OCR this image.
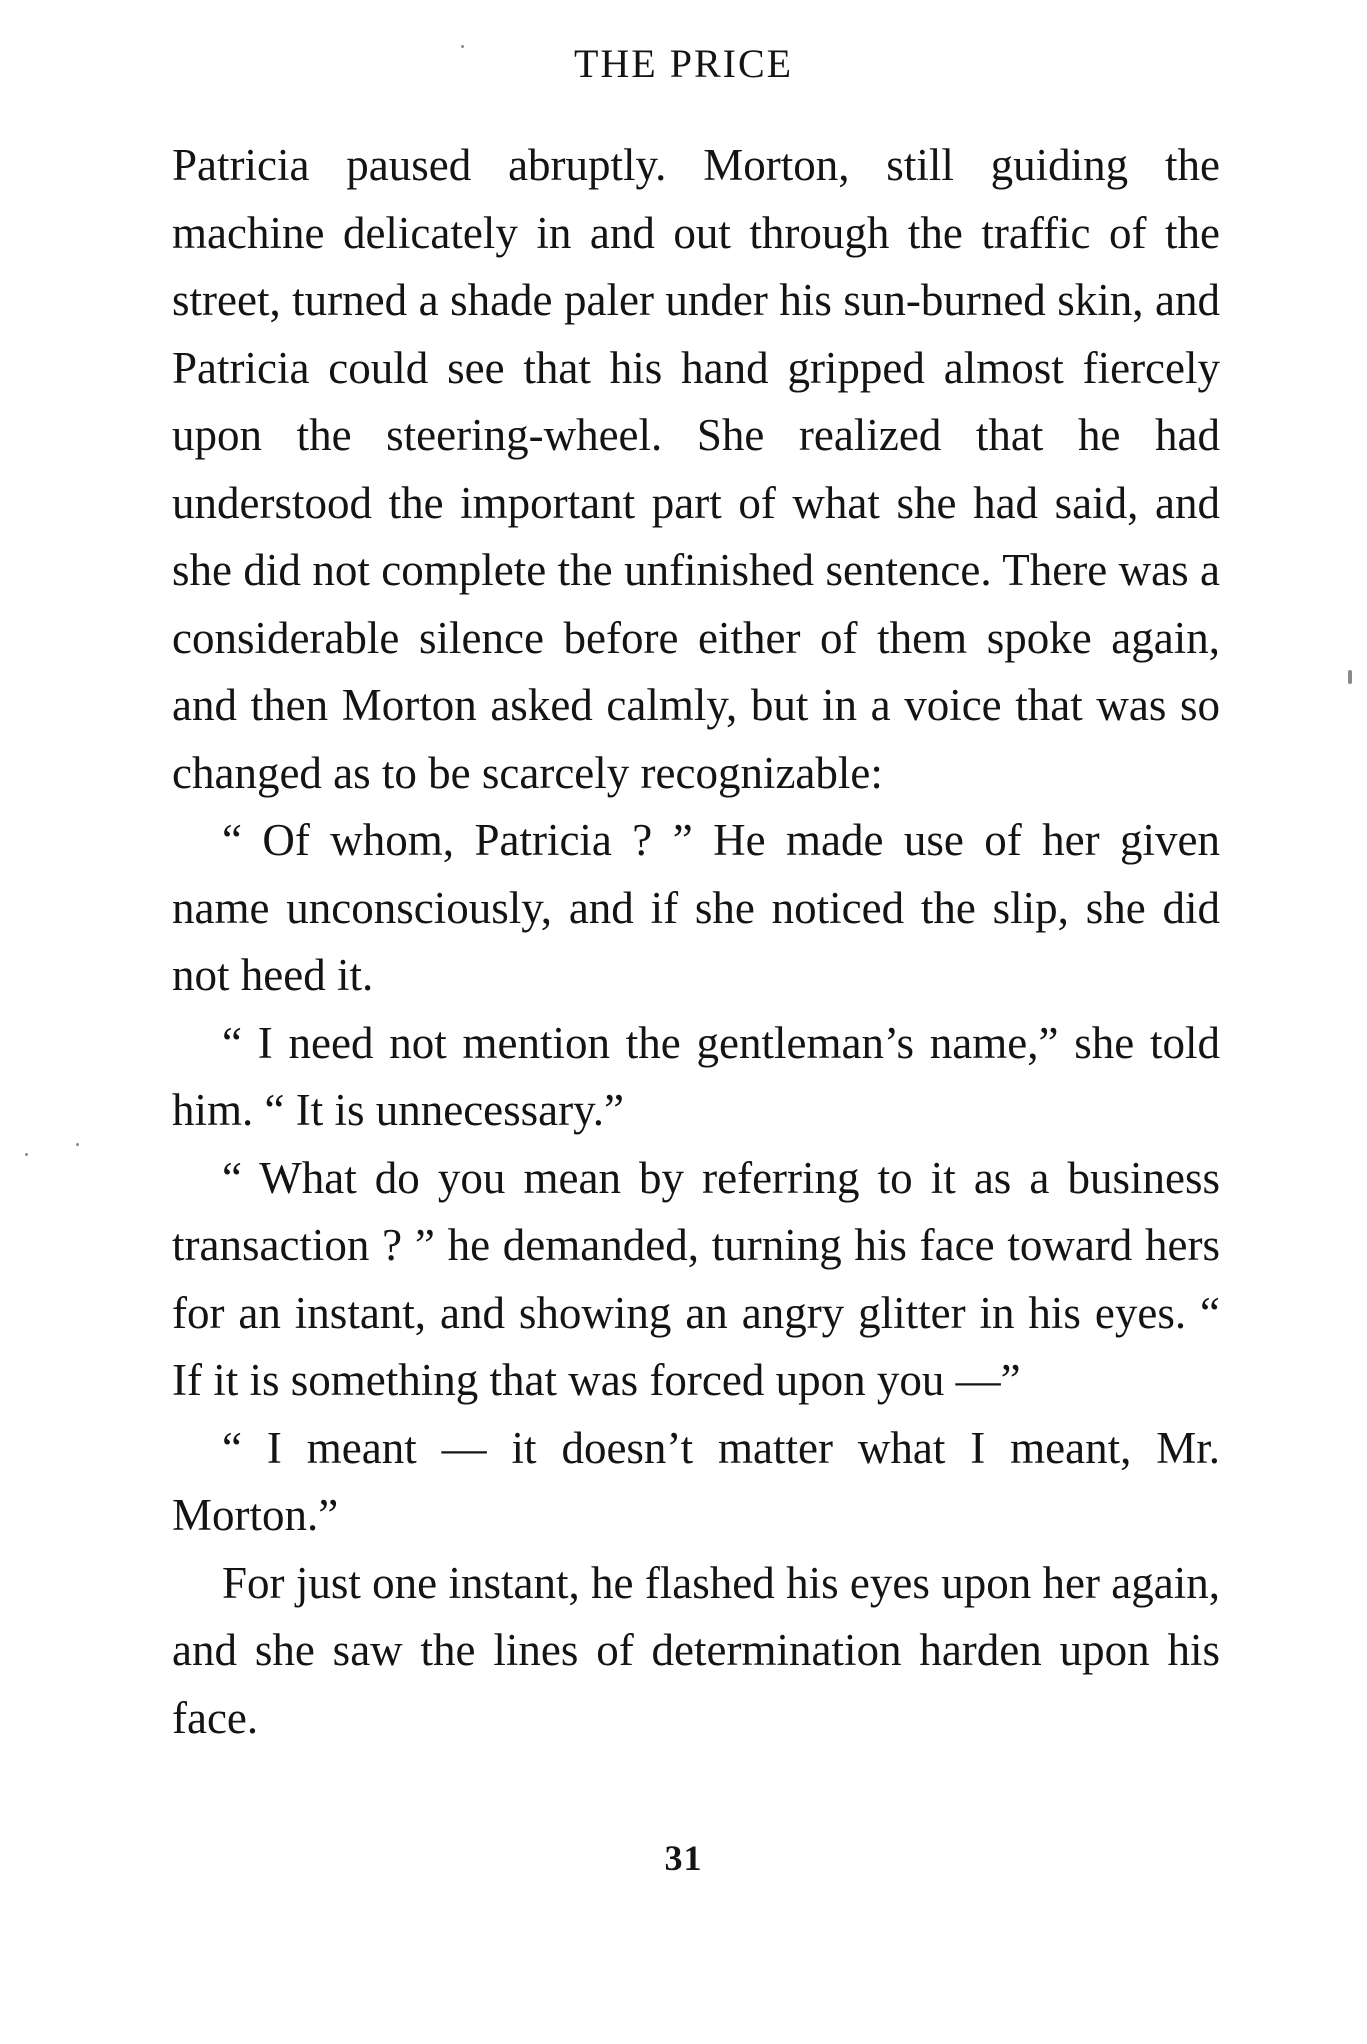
THE PRICE

Patricia paused abruptly. Morton, still guiding the machine delicately in and out through the traffic of the street, turned a shade paler under his sun-burned skin, and Patricia could see that his hand gripped almost fiercely upon the steering-wheel. She realized that he had understood the important part of what she had said, and she did not complete the unfinished sentence. There was a considerable silence before either of them spoke again, and then Morton asked calmly, but in a voice that was so changed as to be scarcely recognizable:

“ Of whom, Patricia ? ” He made use of her given name unconsciously, and if she noticed the slip, she did not heed it.

“ I need not mention the gentleman’s name,” she told him. “ It is unnecessary.”

“ What do you mean by referring to it as a business transaction ? ” he demanded, turning his face toward hers for an instant, and showing an angry glitter in his eyes. “ If it is something that was forced upon you —”

“ I meant — it doesn’t matter what I meant, Mr. Morton.”

For just one instant, he flashed his eyes upon her again, and she saw the lines of determination harden upon his face.

31
